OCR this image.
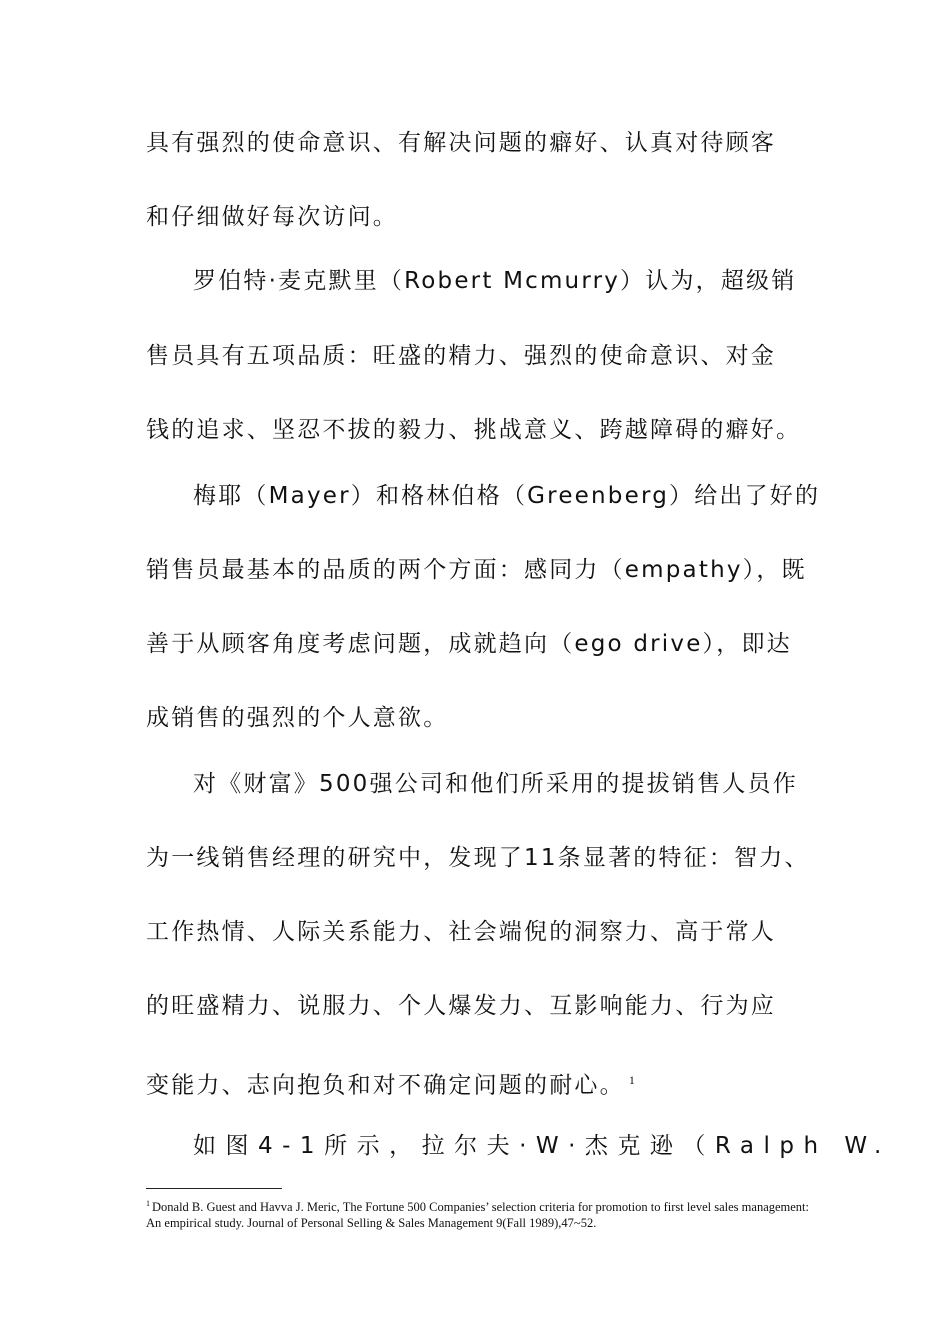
具有强烈的使命意识、有解决问题的癖好、认真对待顾客
和仔细做好每次访问。
罗伯特·麦克默里（Robert Mcmurry）认为，超级销
售员具有五项品质：旺盛的精力、强烈的使命意识、对金
钱的追求、坚忍不拔的毅力、挑战意义、跨越障碍的癖好。
梅耶（Mayer）和格林伯格（Greenberg）给出了好的
销售员最基本的品质的两个方面：感同力（empathy），既
善于从顾客角度考虑问题，成就趋向（ego drive），即达
成销售的强烈的个人意欲。
对《财富》500强公司和他们所采用的提拔销售人员作
为一线销售经理的研究中，发现了11条显著的特征：智力、
工作热情、人际关系能力、社会端倪的洞察力、高于常人
的旺盛精力、说服力、个人爆发力、互影响能力、行为应
变能力、志向抱负和对不确定问题的耐心。 $^1$
如图4-1所示，拉尔夫·W·杰克逊（Ralph W.
$^1$ Donald B. Guest and Havva J. Meric, The Fortune 500 Companies’ selection criteria for promotion to first level sales management: An empirical study. Journal of Personal Selling & Sales Management 9(Fall 1989),47~52.
